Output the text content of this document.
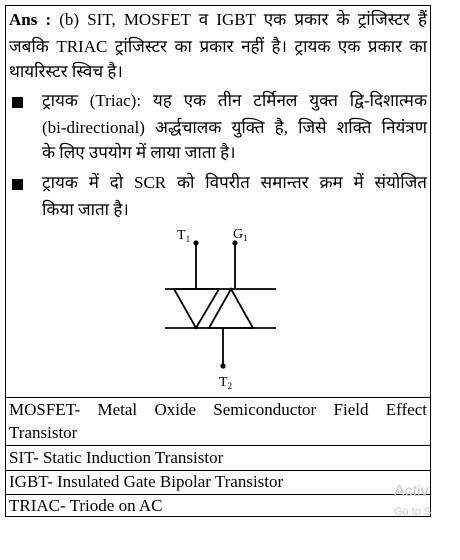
Ans : (b) SIT, MOSFET व IGBT एक प्रकार के ट्रांजिस्टर हैं
जबकि TRIAC ट्रांजिस्टर का प्रकार नहीं है। ट्रायक एक प्रकार का
थायरिस्टर स्विच है।
ट्रायक (Triac): यह एक तीन टर्मिनल युक्त द्वि-दिशात्मक
(bi-directional) अर्द्धचालक युक्ति है, जिसे शक्ति नियंत्रण
के लिए उपयोग में लाया जाता है।
ट्रायक में दो SCR को विपरीत समान्तर क्रम में संयोजित
किया जाता है।
$T_1$	$G_1$
$T_2$
MOSFET- Metal Oxide Semiconductor Field Effect
Transistor
SIT- Static Induction Transistor
IGBT- Insulated Gate Bipolar Transistor
TRIAC- Triode on AC
Activ
Go to S
